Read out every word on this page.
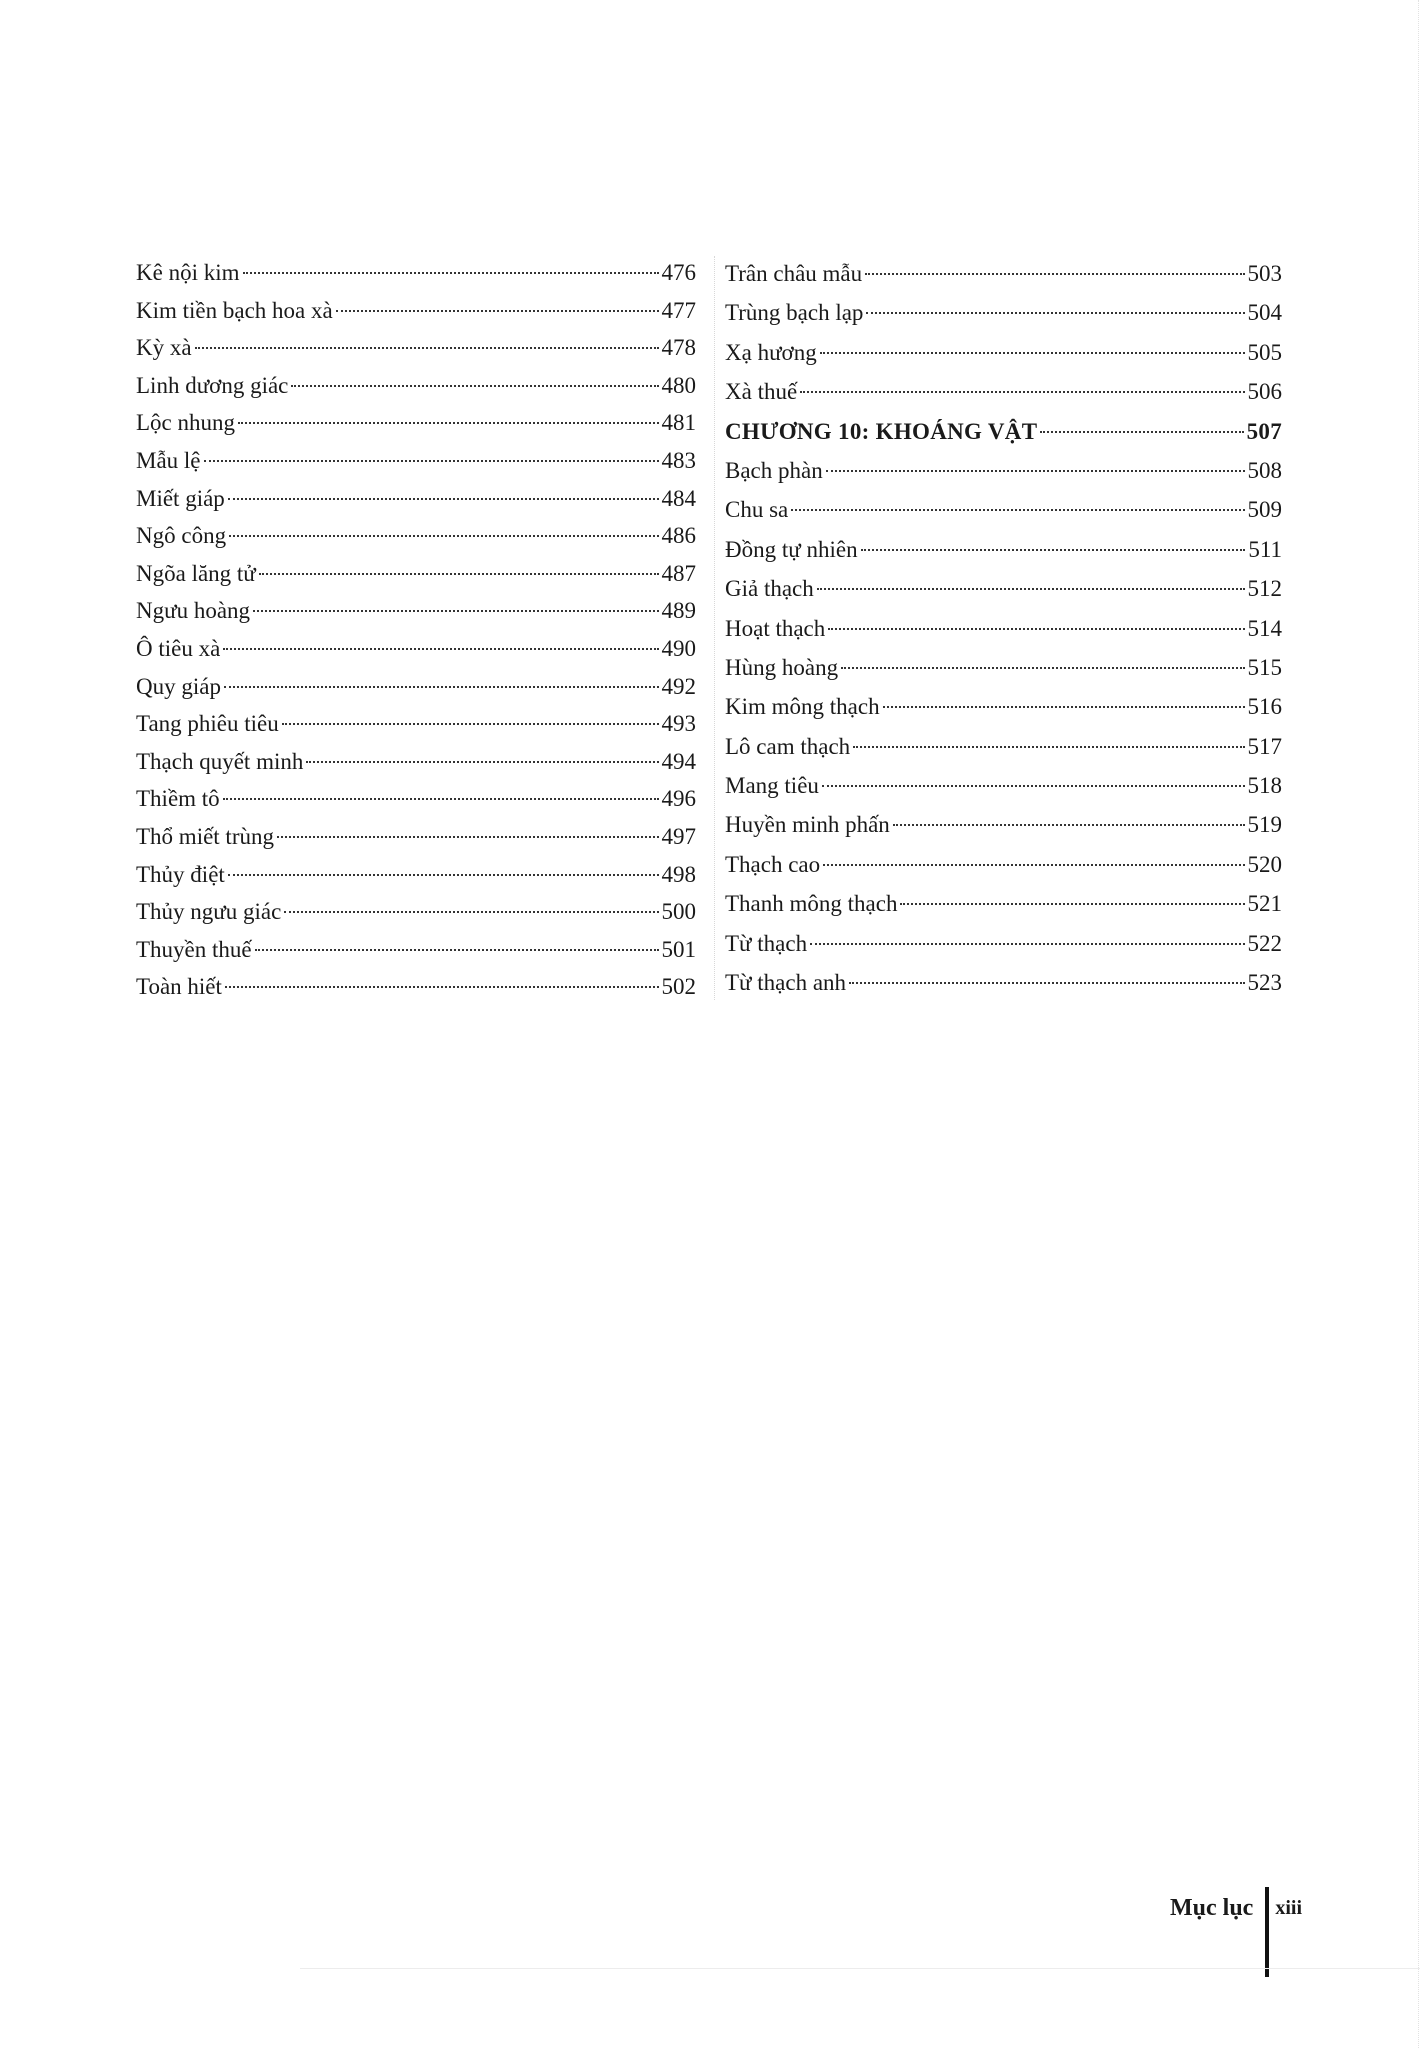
Kê nội kim	476
Kim tiền bạch hoa xà	477
Kỳ xà	478
Linh dương giác	480
Lộc nhung	481
Mẫu lệ	483
Miết giáp	484
Ngô công	486
Ngõa lăng tử	487
Ngưu hoàng	489
Ô tiêu xà	490
Quy giáp	492
Tang phiêu tiêu	493
Thạch quyết minh	494
Thiềm tô	496
Thổ miết trùng	497
Thủy điệt	498
Thủy ngưu giác	500
Thuyền thuế	501
Toàn hiết	502
Trân châu mẫu	503
Trùng bạch lạp	504
Xạ hương	505
Xà thuế	506
CHƯƠNG 10: KHOÁNG VẬT	507
Bạch phàn	508
Chu sa	509
Đồng tự nhiên	511
Giả thạch	512
Hoạt thạch	514
Hùng hoàng	515
Kim mông thạch	516
Lô cam thạch	517
Mang tiêu	518
Huyền minh phấn	519
Thạch cao	520
Thanh mông thạch	521
Từ thạch	522
Từ thạch anh	523
Mục lục xiii
